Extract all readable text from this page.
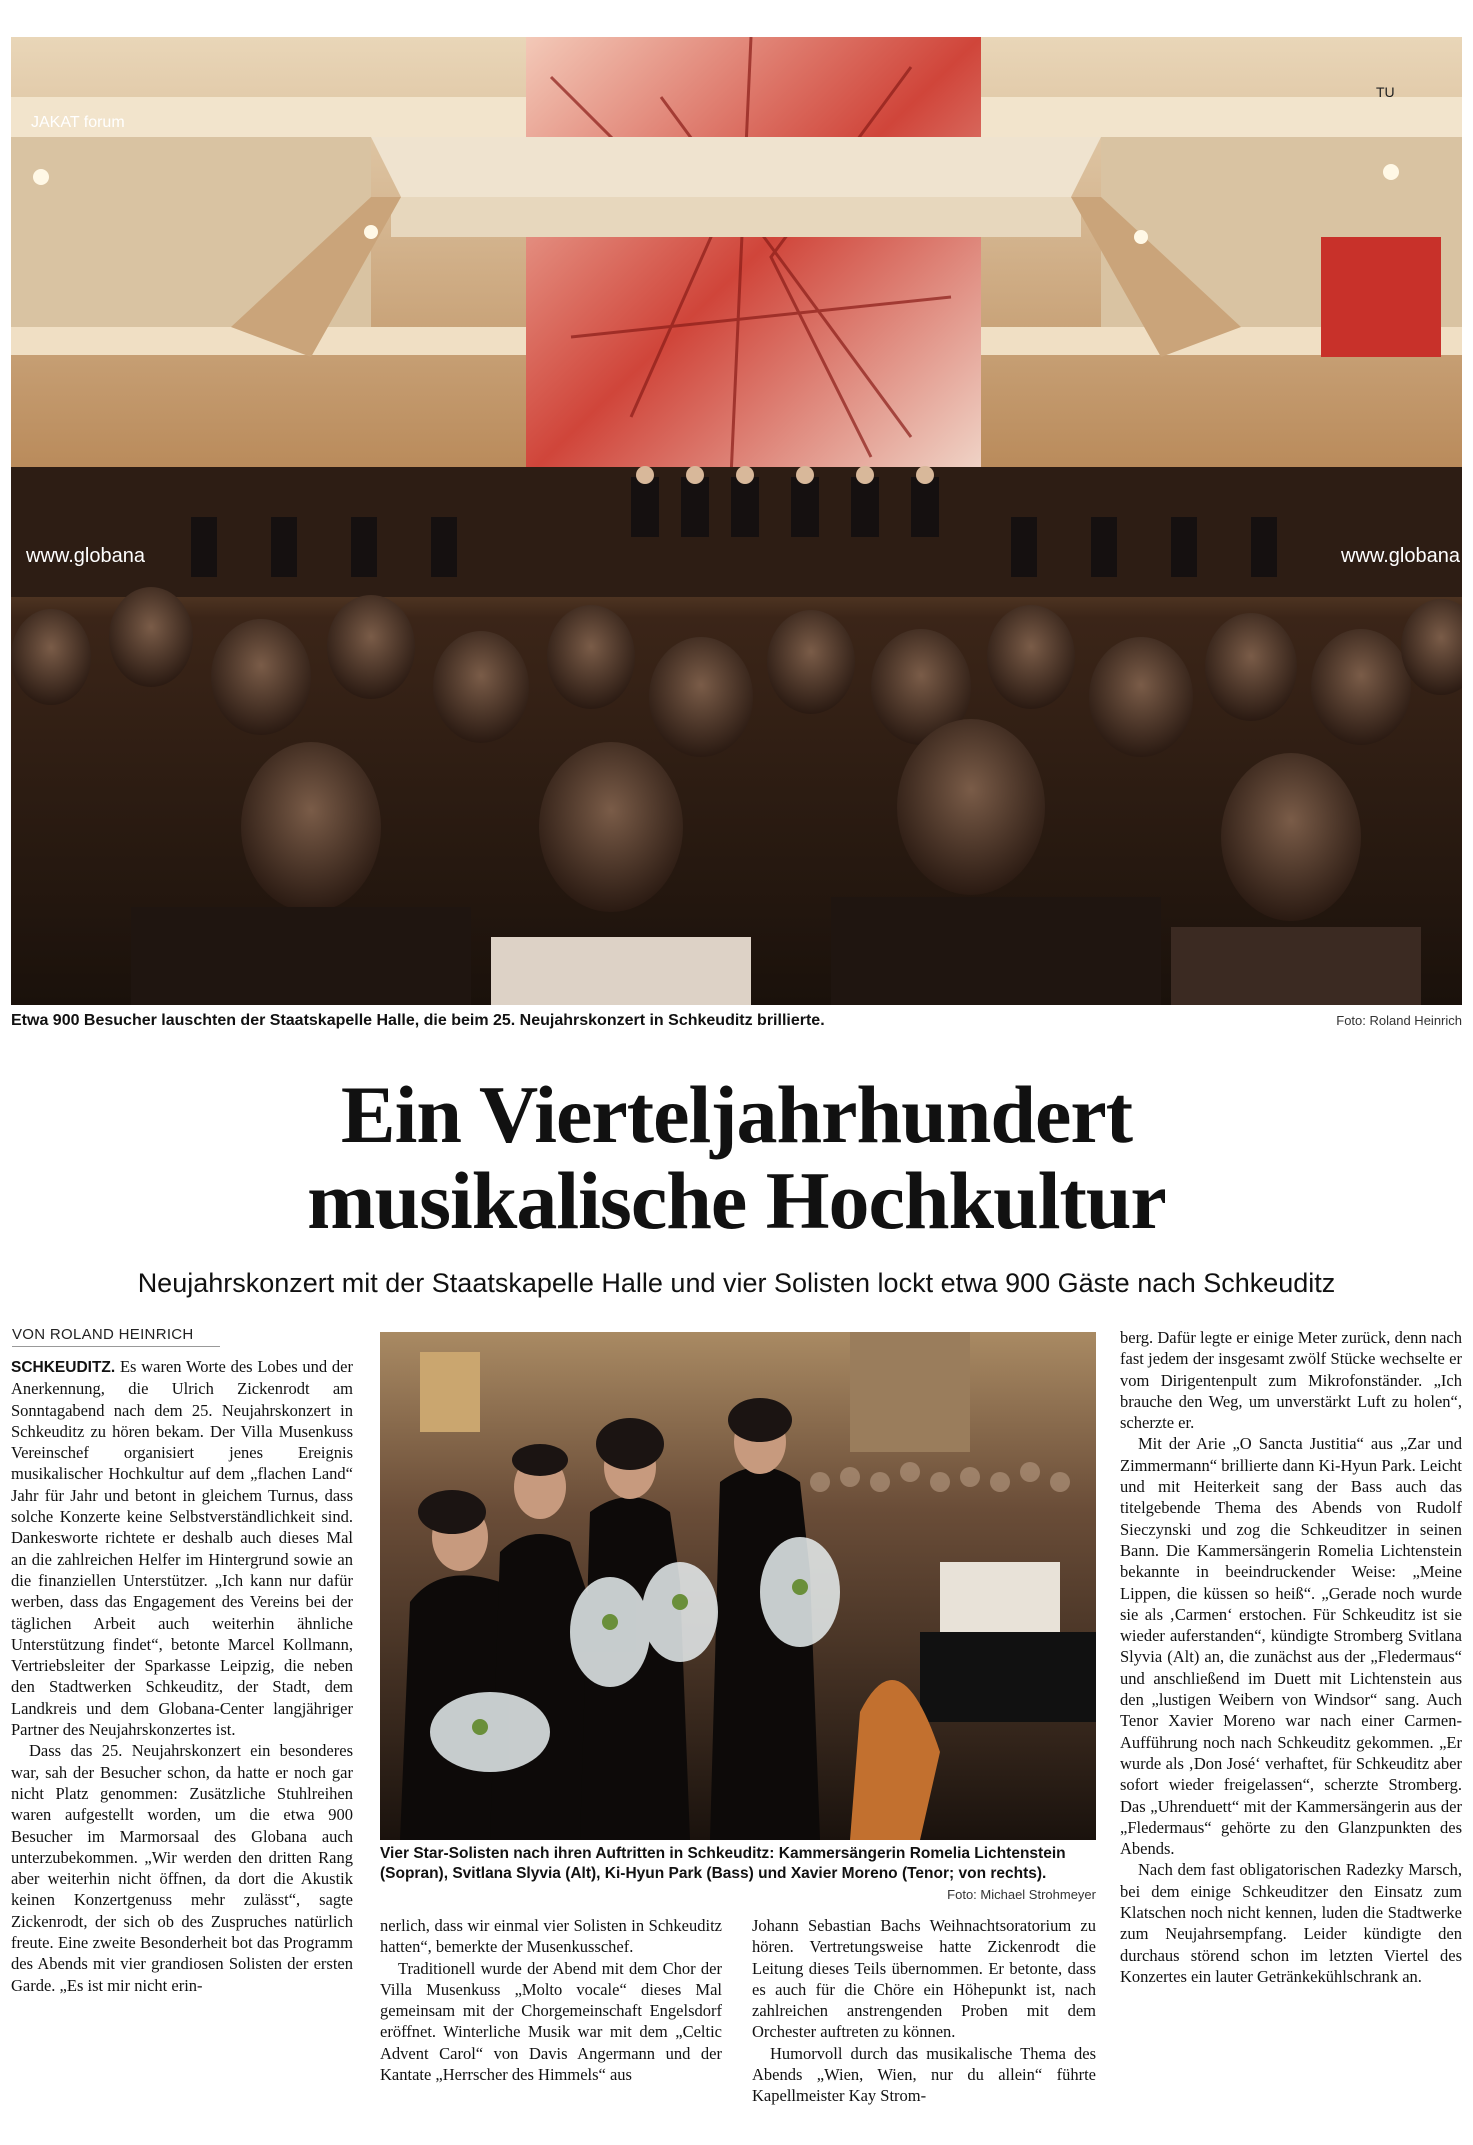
JAKAT forum
www.globana	www.globana
TU
Etwa 900 Besucher lauschten der Staatskapelle Halle, die beim 25. Neujahrskonzert in Schkeuditz brillierte.	Foto: Roland Heinrich
Ein Vierteljahrhundert
musikalische Hochkultur
Neujahrskonzert mit der Staatskapelle Halle und vier Solisten lockt etwa 900 Gäste nach Schkeuditz
VON ROLAND HEINRICH

SCHKEUDITZ. Es waren Worte des Lobes und der Anerkennung, die Ulrich Zickenrodt am Sonntagabend nach dem 25. Neujahrskonzert in Schkeuditz zu hören bekam. Der Villa Musenkuss Vereinschef organisiert jenes Ereignis musikalischer Hochkultur auf dem „flachen Land“ Jahr für Jahr und betont in gleichem Turnus, dass solche Konzerte keine Selbstverständlichkeit sind. Dankesworte richtete er deshalb auch dieses Mal an die zahlreichen Helfer im Hintergrund sowie an die finanziellen Unterstützer. „Ich kann nur dafür werben, dass das Engagement des Vereins bei der täglichen Arbeit auch weiterhin ähnliche Unterstützung findet“, betonte Marcel Kollmann, Vertriebsleiter der Sparkasse Leipzig, die neben den Stadtwerken Schkeuditz, der Stadt, dem Landkreis und dem Globana-Center langjähriger Partner des Neujahrskonzertes ist.

Dass das 25. Neujahrskonzert ein besonderes war, sah der Besucher schon, da hatte er noch gar nicht Platz genommen: Zusätzliche Stuhlreihen waren aufgestellt worden, um die etwa 900 Besucher im Marmorsaal des Globana auch unterzubekommen. „Wir werden den dritten Rang aber weiterhin nicht öffnen, da dort die Akustik keinen Konzertgenuss mehr zulässt“, sagte Zickenrodt, der sich ob des Zuspruches natürlich freute. Eine zweite Besonderheit bot das Programm des Abends mit vier grandiosen Solisten der ersten Garde. „Es ist mir nicht erin-

Vier Star-Solisten nach ihren Auftritten in Schkeuditz: Kammersängerin Romelia Lichtenstein (Sopran), Svitlana Slyvia (Alt), Ki-Hyun Park (Bass) und Xavier Moreno (Tenor; von rechts).
Foto: Michael Strohmeyer

nerlich, dass wir einmal vier Solisten in Schkeuditz hatten“, bemerkte der Musenkusschef.

Traditionell wurde der Abend mit dem Chor der Villa Musenkuss „Molto vocale“ dieses Mal gemeinsam mit der Chorgemeinschaft Engelsdorf eröffnet. Winterliche Musik war mit dem „Celtic Advent Carol“ von Davis Angermann und der Kantate „Herrscher des Himmels“ aus

Johann Sebastian Bachs Weihnachtsoratorium zu hören. Vertretungsweise hatte Zickenrodt die Leitung dieses Teils übernommen. Er betonte, dass es auch für die Chöre ein Höhepunkt ist, nach zahlreichen anstrengenden Proben mit dem Orchester auftreten zu können.

Humorvoll durch das musikalische Thema des Abends „Wien, Wien, nur du allein“ führte Kapellmeister Kay Strom-

berg. Dafür legte er einige Meter zurück, denn nach fast jedem der insgesamt zwölf Stücke wechselte er vom Dirigentenpult zum Mikrofonständer. „Ich brauche den Weg, um unverstärkt Luft zu holen“, scherzte er.

Mit der Arie „O Sancta Justitia“ aus „Zar und Zimmermann“ brillierte dann Ki-Hyun Park. Leicht und mit Heiterkeit sang der Bass auch das titelgebende Thema des Abends von Rudolf Sieczynski und zog die Schkeuditzer in seinen Bann. Die Kammersängerin Romelia Lichtenstein bekannte in beeindruckender Weise: „Meine Lippen, die küssen so heiß“. „Gerade noch wurde sie als ‚Carmen‘ erstochen. Für Schkeuditz ist sie wieder auferstanden“, kündigte Stromberg Svitlana Slyvia (Alt) an, die zunächst aus der „Fledermaus“ und anschließend im Duett mit Lichtenstein aus den „lustigen Weibern von Windsor“ sang. Auch Tenor Xavier Moreno war nach einer Carmen-Aufführung noch nach Schkeuditz gekommen. „Er wurde als ‚Don José‘ verhaftet, für Schkeuditz aber sofort wieder freigelassen“, scherzte Stromberg. Das „Uhrenduett“ mit der Kammersängerin aus der „Fledermaus“ gehörte zu den Glanzpunkten des Abends.

Nach dem fast obligatorischen Radezky Marsch, bei dem einige Schkeuditzer den Einsatz zum Klatschen noch nicht kennen, luden die Stadtwerke zum Neujahrsempfang. Leider kündigte den durchaus störend schon im letzten Viertel des Konzertes ein lauter Getränkekühlschrank an.
